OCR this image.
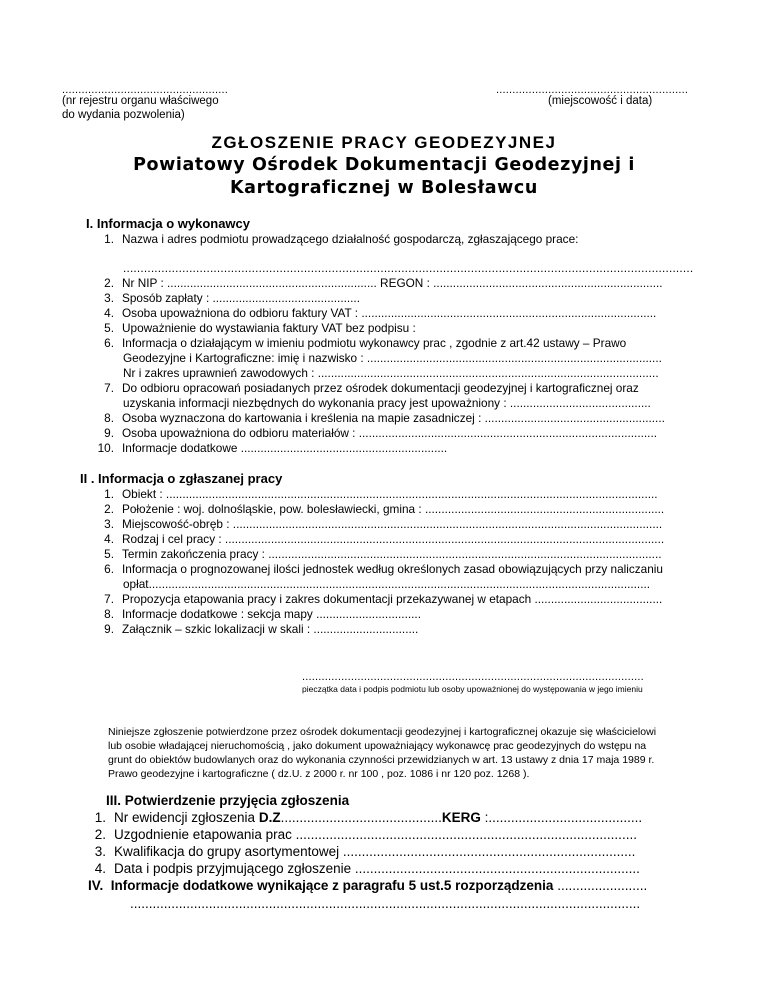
...................................................
(nr rejestru organu właściwego
do wydania pozwolenia)
...........................................................
(miejscowość i data)
ZGŁOSZENIE PRACY GEODEZYJNEJ
Powiatowy Ośrodek Dokumentacji Geodezyjnej i
Kartograficznej w Bolesławcu
I. Informacja o wykonawcy
1. Nazwa i adres podmiotu prowadzącego działalność gospodarczą, zgłaszającego prace:
....................................................................................................................................................................
2. Nr NIP : ................................................................ REGON : ......................................................................
3. Sposób zapłaty : .............................................
4. Osoba upoważniona do odbioru faktury VAT : ..........................................................................................
5. Upoważnienie do wystawiania faktury VAT bez podpisu :
6. Informacja o działającym w imieniu podmiotu wykonawcy prac , zgodnie z art.42 ustawy – Prawo
Geodezyjne i Kartograficzne: imię i nazwisko : ..........................................................................................
Nr i zakres uprawnień zawodowych : ........................................................................................................
7. Do odbioru opracowań posiadanych przez ośrodek dokumentacji geodezyjnej i kartograficznej oraz
uzyskania informacji niezbędnych do wykonania pracy jest upoważniony : ...........................................
8. Osoba wyznaczona do kartowania i kreślenia na mapie zasadniczej : .......................................................
9. Osoba upoważniona do odbioru materiałów : ...........................................................................................
10. Informacje dodatkowe ...............................................................
II . Informacja o zgłaszanej pracy
1. Obiekt : ......................................................................................................................................................
2. Położenie : woj. dolnośląskie, pow. bolesławiecki, gmina : .........................................................................
3. Miejscowość-obręb : ...................................................................................................................................
4. Rodzaj i cel pracy : ......................................................................................................................................
5. Termin zakończenia pracy : ........................................................................................................................
6. Informacja o prognozowanej ilości jednostek według określonych zasad obowiązujących przy naliczaniu
opłat.........................................................................................................................................................
7. Propozycja etapowania pracy i zakres dokumentacji przekazywanej w etapach .......................................
8. Informacje dodatkowe : sekcja mapy ................................
9. Załącznik – szkic lokalizacji w skali : ................................
.........................................................................................................
pieczątka data i podpis podmiotu lub osoby upoważnionej do występowania w jego imieniu
Niniejsze zgłoszenie potwierdzone przez ośrodek dokumentacji geodezyjnej i kartograficznej okazuje się właścicielowi
lub osobie władającej nieruchomością , jako dokument upoważniający wykonawcę prac geodezyjnych do wstępu na
grunt do obiektów budowlanych oraz do wykonania czynności przewidzianych w art. 13 ustawy z dnia 17 maja 1989 r.
Prawo geodezyjne i kartograficzne ( dz.U. z 2000 r. nr 100 , poz. 1086 i nr 120 poz. 1268 ).
III. Potwierdzenie przyjęcia zgłoszenia
1. Nr ewidencji zgłoszenia D.Z...........................................KERG :.........................................
2. Uzgodnienie etapowania prac ...........................................................................................
3. Kwalifikacja do grupy asortymentowej ..............................................................................
4. Data i podpis przyjmującego zgłoszenie ............................................................................
IV. Informacje dodatkowe wynikające z paragrafu 5 ust.5 rozporządzenia ........................
........................................................................................................................................
